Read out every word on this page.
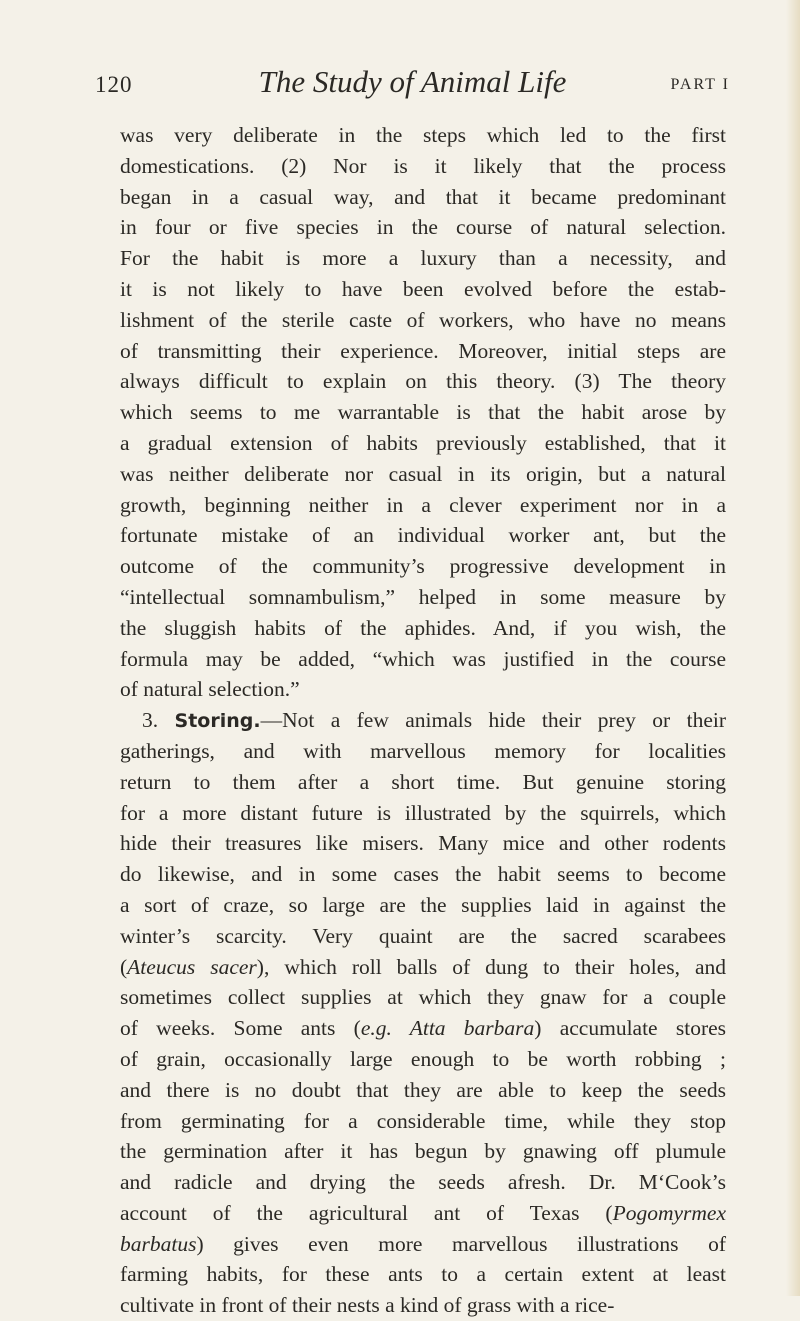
120	The Study of Animal Life	PART I
was very deliberate in the steps which led to the first
domestications. (2) Nor is it likely that the process
began in a casual way, and that it became predominant
in four or five species in the course of natural selection.
For the habit is more a luxury than a necessity, and
it is not likely to have been evolved before the estab-
lishment of the sterile caste of workers, who have no means
of transmitting their experience. Moreover, initial steps are
always difficult to explain on this theory. (3) The theory
which seems to me warrantable is that the habit arose by
a gradual extension of habits previously established, that it
was neither deliberate nor casual in its origin, but a natural
growth, beginning neither in a clever experiment nor in a
fortunate mistake of an individual worker ant, but the
outcome of the community’s progressive development in
“intellectual somnambulism,” helped in some measure by
the sluggish habits of the aphides. And, if you wish, the
formula may be added, “which was justified in the course
of natural selection.”
3. Storing.—Not a few animals hide their prey or their
gatherings, and with marvellous memory for localities
return to them after a short time. But genuine storing
for a more distant future is illustrated by the squirrels, which
hide their treasures like misers. Many mice and other rodents
do likewise, and in some cases the habit seems to become
a sort of craze, so large are the supplies laid in against the
winter’s scarcity. Very quaint are the sacred scarabees
(Ateucus sacer), which roll balls of dung to their holes, and
sometimes collect supplies at which they gnaw for a couple
of weeks. Some ants (e.g. Atta barbara) accumulate stores
of grain, occasionally large enough to be worth robbing ;
and there is no doubt that they are able to keep the seeds
from germinating for a considerable time, while they stop
the germination after it has begun by gnawing off plumule
and radicle and drying the seeds afresh. Dr. M‘Cook’s
account of the agricultural ant of Texas (Pogomyrmex
barbatus) gives even more marvellous illustrations of
farming habits, for these ants to a certain extent at least
cultivate in front of their nests a kind of grass with a rice-
